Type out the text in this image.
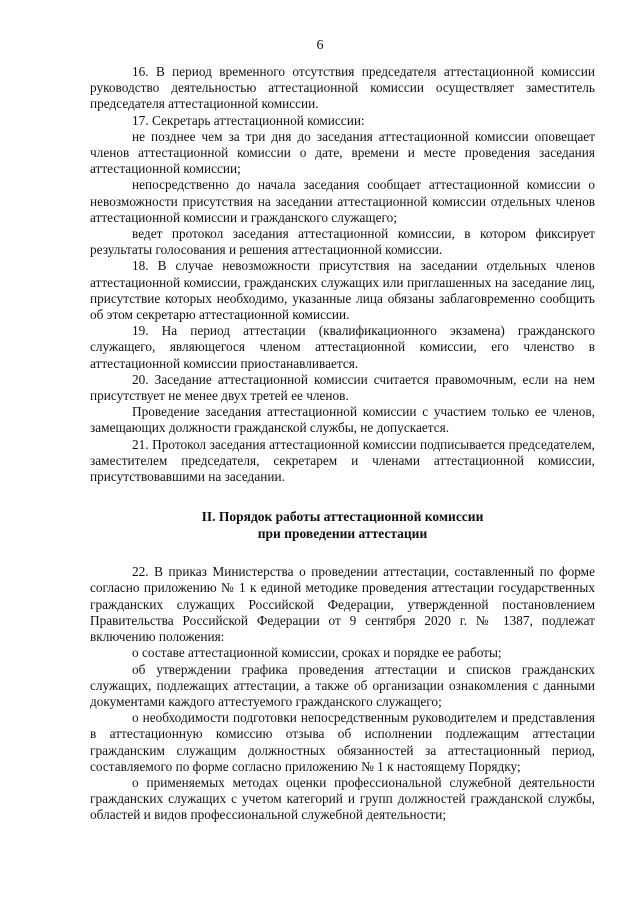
6

16. В период временного отсутствия председателя аттестационной комиссии руководство деятельностью аттестационной комиссии осуществляет заместитель председателя аттестационной комиссии.

17. Секретарь аттестационной комиссии:

не позднее чем за три дня до заседания аттестационной комиссии оповещает членов аттестационной комиссии о дате, времени и месте проведения заседания аттестационной комиссии;

непосредственно до начала заседания сообщает аттестационной комиссии о невозможности присутствия на заседании аттестационной комиссии отдельных членов аттестационной комиссии и гражданского служащего;

ведет протокол заседания аттестационной комиссии, в котором фиксирует результаты голосования и решения аттестационной комиссии.

18. В случае невозможности присутствия на заседании отдельных членов аттестационной комиссии, гражданских служащих или приглашенных на заседание лиц, присутствие которых необходимо, указанные лица обязаны заблаговременно сообщить об этом секретарю аттестационной комиссии.

19. На период аттестации (квалификационного экзамена) гражданского служащего, являющегося членом аттестационной комиссии, его членство в аттестационной комиссии приостанавливается.

20. Заседание аттестационной комиссии считается правомочным, если на нем присутствует не менее двух третей ее членов.

Проведение заседания аттестационной комиссии с участием только ее членов, замещающих должности гражданской службы, не допускается.

21. Протокол заседания аттестационной комиссии подписывается председателем, заместителем председателя, секретарем и членами аттестационной комиссии, присутствовавшими на заседании.

II. Порядок работы аттестационной комиссии
при проведении аттестации

22. В приказ Министерства о проведении аттестации, составленный по форме согласно приложению № 1 к единой методике проведения аттестации государственных гражданских служащих Российской Федерации, утвержденной постановлением Правительства Российской Федерации от 9 сентября 2020 г. № 1387, подлежат включению положения:

о составе аттестационной комиссии, сроках и порядке ее работы;

об утверждении графика проведения аттестации и списков гражданских служащих, подлежащих аттестации, а также об организации ознакомления с данными документами каждого аттестуемого гражданского служащего;

о необходимости подготовки непосредственным руководителем и представления в аттестационную комиссию отзыва об исполнении подлежащим аттестации гражданским служащим должностных обязанностей за аттестационный период, составляемого по форме согласно приложению № 1 к настоящему Порядку;

о применяемых методах оценки профессиональной служебной деятельности гражданских служащих с учетом категорий и групп должностей гражданской службы, областей и видов профессиональной служебной деятельности;
